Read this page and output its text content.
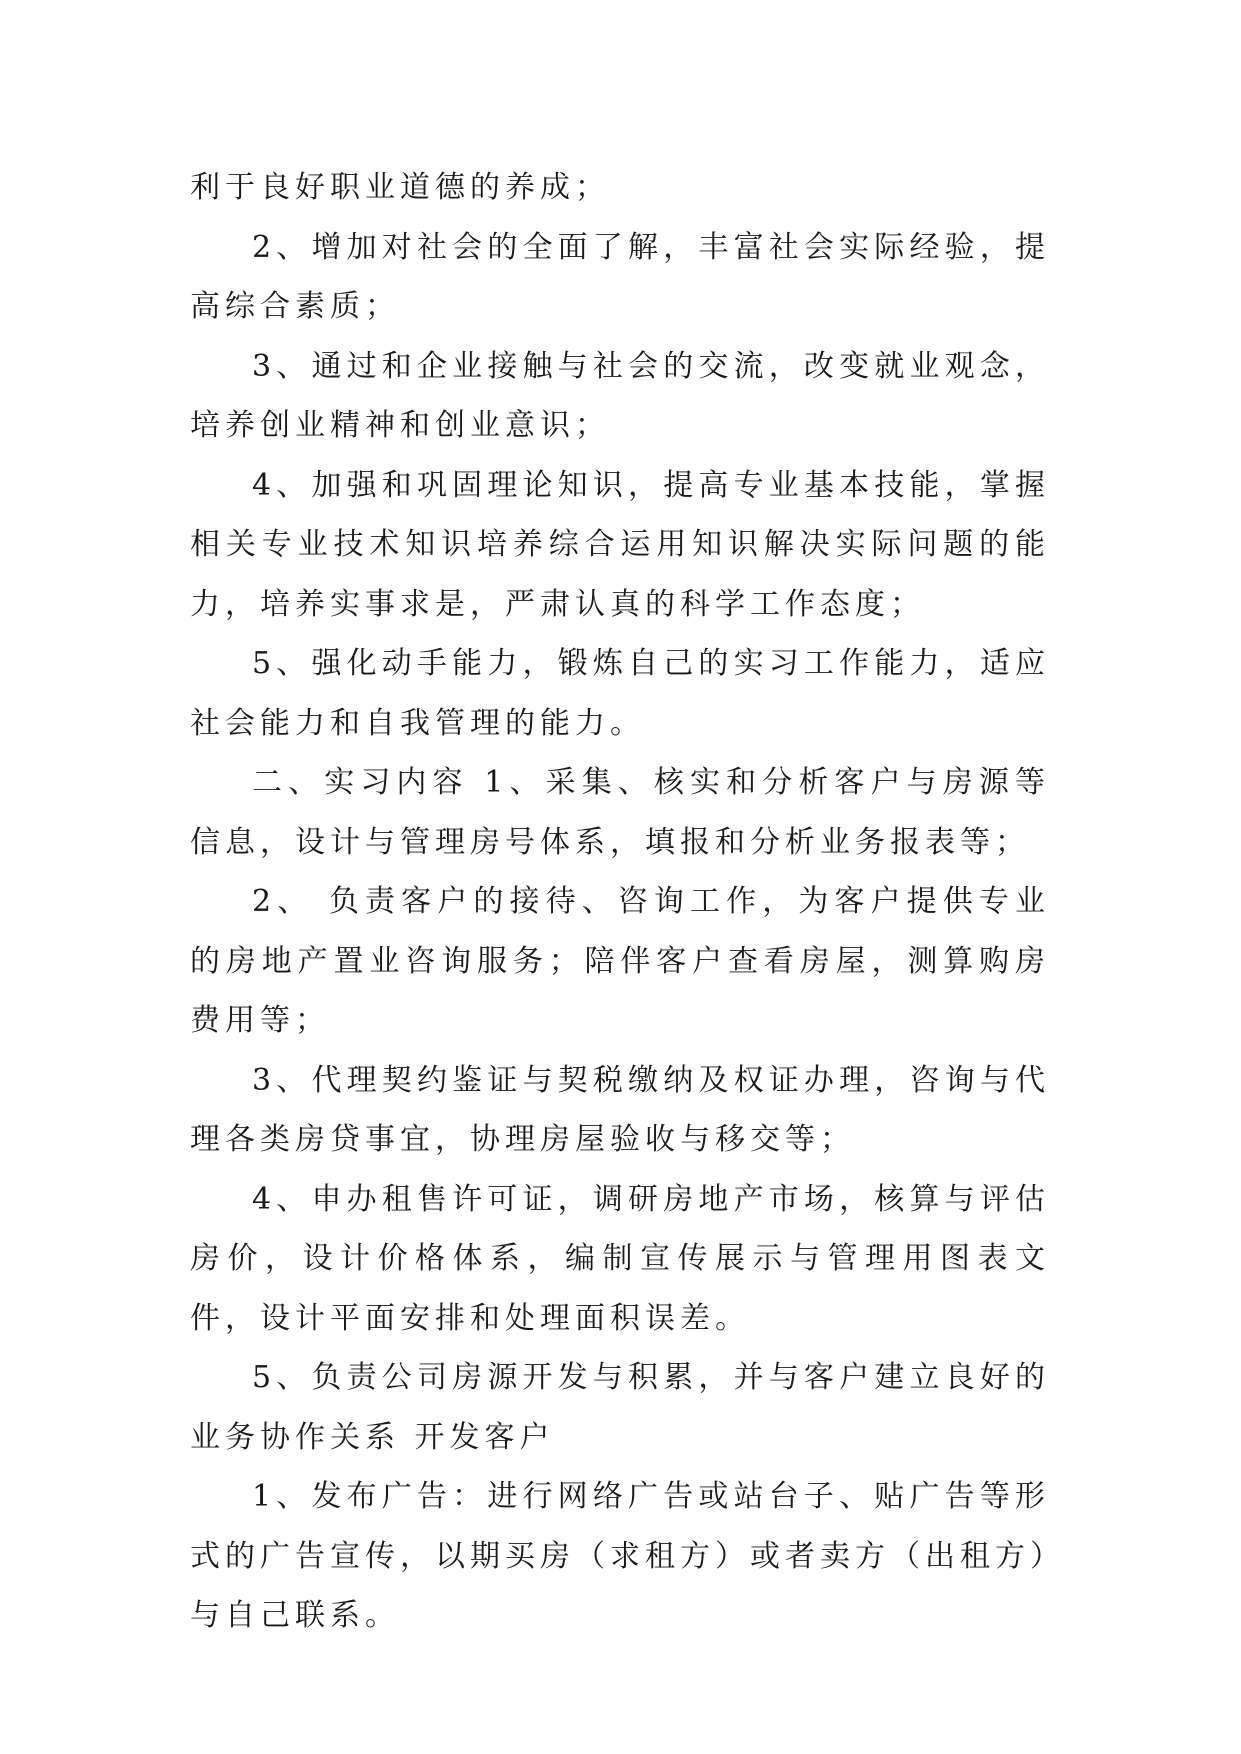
利于良好职业道德的养成；

2、增加对社会的全面了解，丰富社会实际经验，提高综合素质；

3、通过和企业接触与社会的交流，改变就业观念，培养创业精神和创业意识；

4、加强和巩固理论知识，提高专业基本技能，掌握相关专业技术知识培养综合运用知识解决实际问题的能力，培养实事求是，严肃认真的科学工作态度；

5、强化动手能力，锻炼自己的实习工作能力，适应社会能力和自我管理的能力。

二、实习内容 1、采集、核实和分析客户与房源等信息，设计与管理房号体系，填报和分析业务报表等；

2、 负责客户的接待、咨询工作，为客户提供专业的房地产置业咨询服务；陪伴客户查看房屋，测算购房费用等；

3、代理契约鉴证与契税缴纳及权证办理，咨询与代理各类房贷事宜，协理房屋验收与移交等；

4、申办租售许可证，调研房地产市场，核算与评估房价，设计价格体系，编制宣传展示与管理用图表文件，设计平面安排和处理面积误差。

5、负责公司房源开发与积累，并与客户建立良好的业务协作关系 开发客户

1、发布广告：进行网络广告或站台子、贴广告等形式的广告宣传，以期买房（求租方）或者卖方（出租方）与自己联系。
